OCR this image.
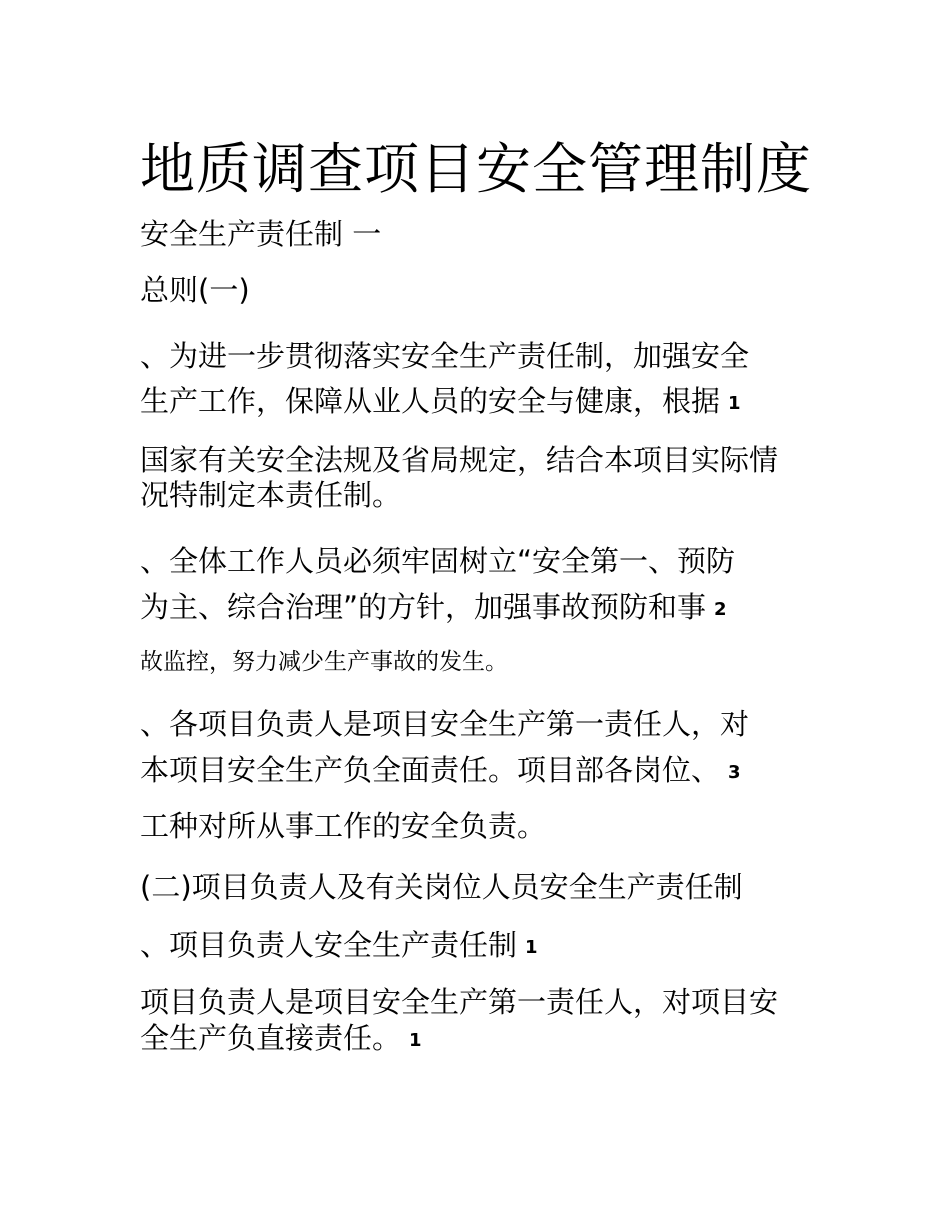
地质调查项目安全管理制度
安全生产责任制 一
总则(一)
、为进一步贯彻落实安全生产责任制，加强安全
生产工作，保障从业人员的安全与健康，根据 1
国家有关安全法规及省局规定，结合本项目实际情
况特制定本责任制。
、全体工作人员必须牢固树立“安全第一、预防
为主、综合治理”的方针，加强事故预防和事 2
故监控，努力减少生产事故的发生。
、各项目负责人是项目安全生产第一责任人，对
本项目安全生产负全面责任。项目部各岗位、 3
工种对所从事工作的安全负责。
(二)项目负责人及有关岗位人员安全生产责任制
、项目负责人安全生产责任制 1
项目负责人是项目安全生产第一责任人，对项目安
全生产负直接责任。 1
